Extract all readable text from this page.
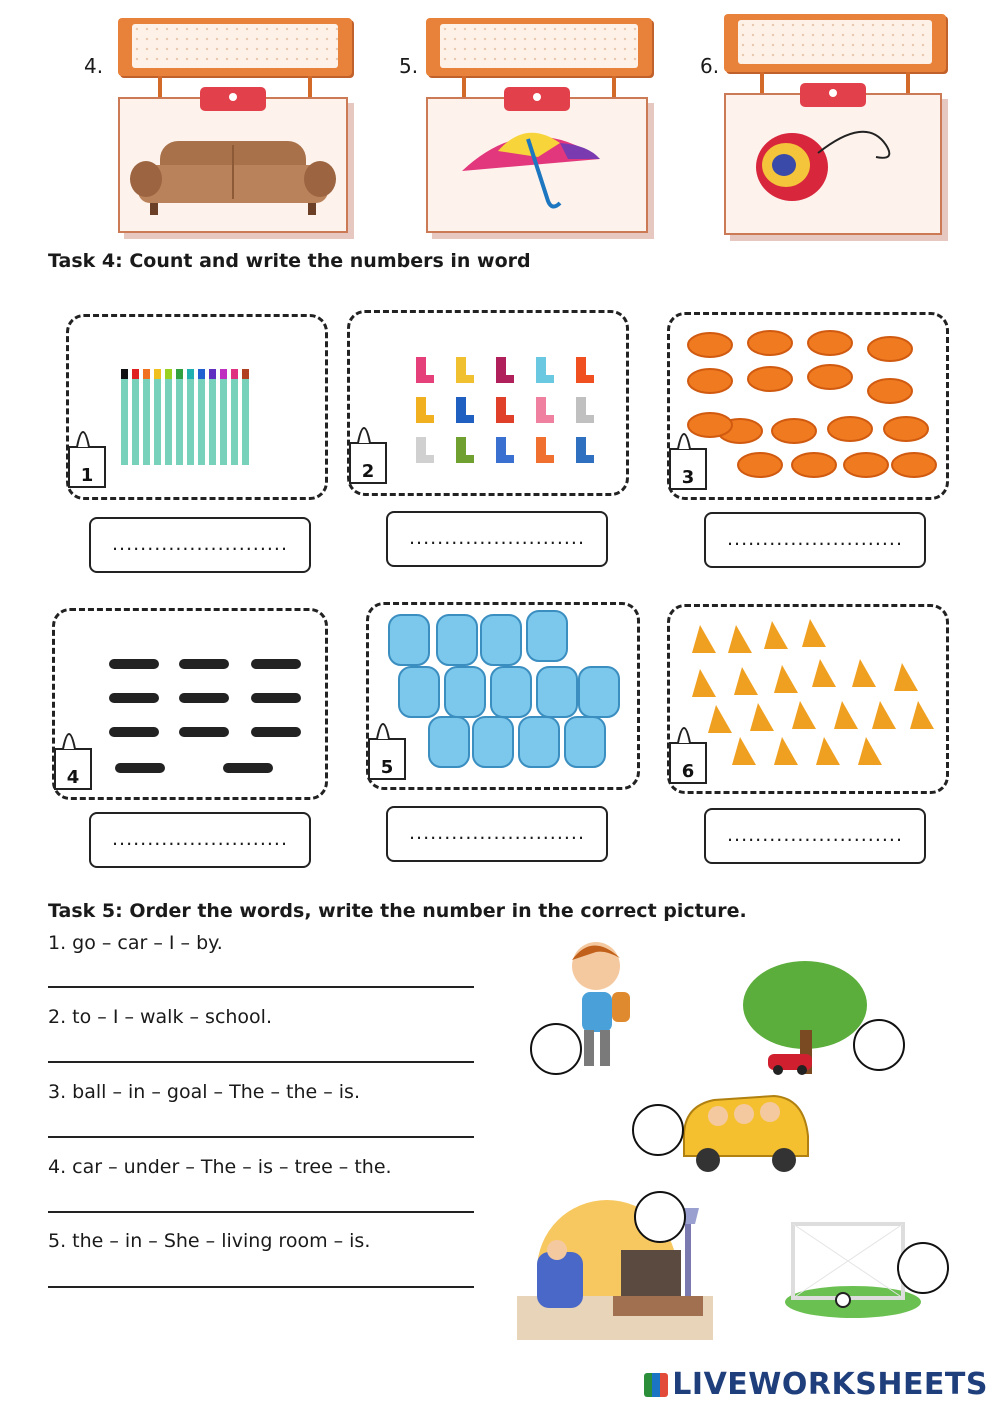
4.	5.	6.
Task 4: Count and write the numbers in word
1
.........................
2
.........................
3
.........................
4
.........................
5
.........................
6
.........................
Task 5: Order the words, write the number in the correct picture.
1. go – car – I – by.
2. to – I – walk – school.
3. ball – in – goal – The – the – is.
4. car – under – The – is – tree – the.
5. the – in – She – living room – is.
LIVEWORKSHEETS
